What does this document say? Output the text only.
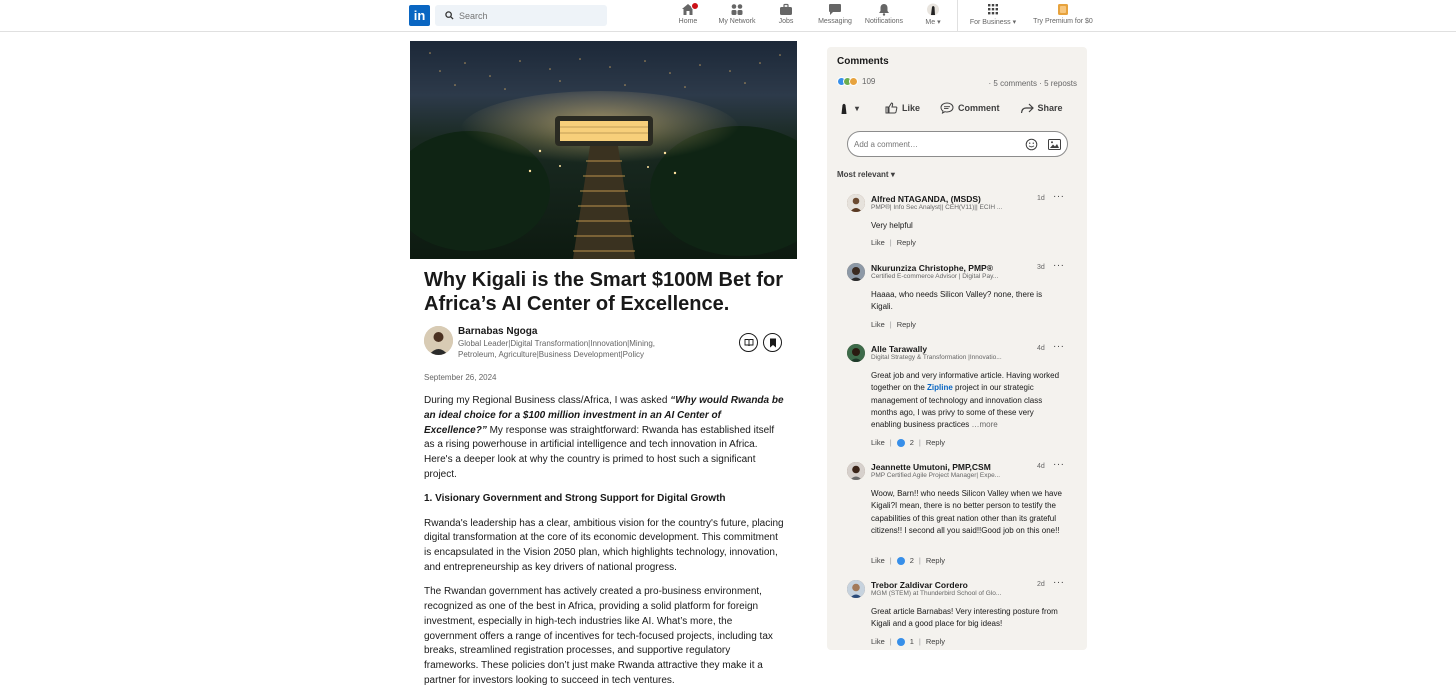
in
Search	Home	My Network	Jobs	Messaging	Notifications	Me ▾	For Business ▾	Try Premium for $0
Why Kigali is the Smart $100M Bet for Africa’s AI Center of Excellence.
Barnabas Ngoga
Global Leader|Digital Transformation|Innovation|Mining, Petroleum, Agriculture|Business Development|Policy
September 26, 2024

During my Regional Business class/Africa, I was asked “Why would Rwanda be an ideal choice for a $100 million investment in an AI Center of Excellence?” My response was straightforward: Rwanda has established itself as a rising powerhouse in artificial intelligence and tech innovation in Africa. Here's a deeper look at why the country is primed to host such a significant project.

1. Visionary Government and Strong Support for Digital Growth

Rwanda's leadership has a clear, ambitious vision for the country's future, placing digital transformation at the core of its economic development. This commitment is encapsulated in the Vision 2050 plan, which highlights technology, innovation, and entrepreneurship as key drivers of national progress.

The Rwandan government has actively created a pro-business environment, recognized as one of the best in Africa, providing a solid platform for foreign investment, especially in high-tech industries like AI. What’s more, the government offers a range of incentives for tech-focused projects, including tax breaks, streamlined registration processes, and supportive regulatory frameworks. These policies don’t just make Rwanda attractive they make it a partner for investors looking to succeed in tech ventures.

Comments
109	· 5 comments · 5 reposts
▾	Like	Comment	Share
Add a comment…
Most relevant ▾
Alfred NTAGANDA, (MSDS)
PMP®| Info Sec Analyst|| CEH(V11)|| ECIH ...
1d ···
Very helpful
Like | Reply
Nkurunziza Christophe, PMP®
Certified E-commerce Advisor | Digital Pay...
3d ···
Haaaa, who needs Silicon Valley? none, there is Kigali.
Like | Reply
Alle Tarawally
Digital Strategy & Transformation |Innovatio...
4d ···
Great job and very informative article. Having worked together on the Zipline project in our strategic management of technology and innovation class months ago, I was privy to some of these very enabling business practices …more
Like | 2 | Reply
Jeannette Umutoni, PMP,CSM
PMP Certified Agile Project Manager| Expe...
4d ···
Woow, Barn!! who needs Silicon Valley when we have Kigali?I mean, there is no better person to testify the capabilities of this great nation other than its grateful citizens!! I second all you said!!Good job on this one!!
Like | 2 | Reply
Trebor Zaldivar Cordero
MGM (STEM) at Thunderbird School of Glo...
2d ···
Great article Barnabas! Very interesting posture from Kigali and a good place for big ideas!
Like | 1 | Reply
